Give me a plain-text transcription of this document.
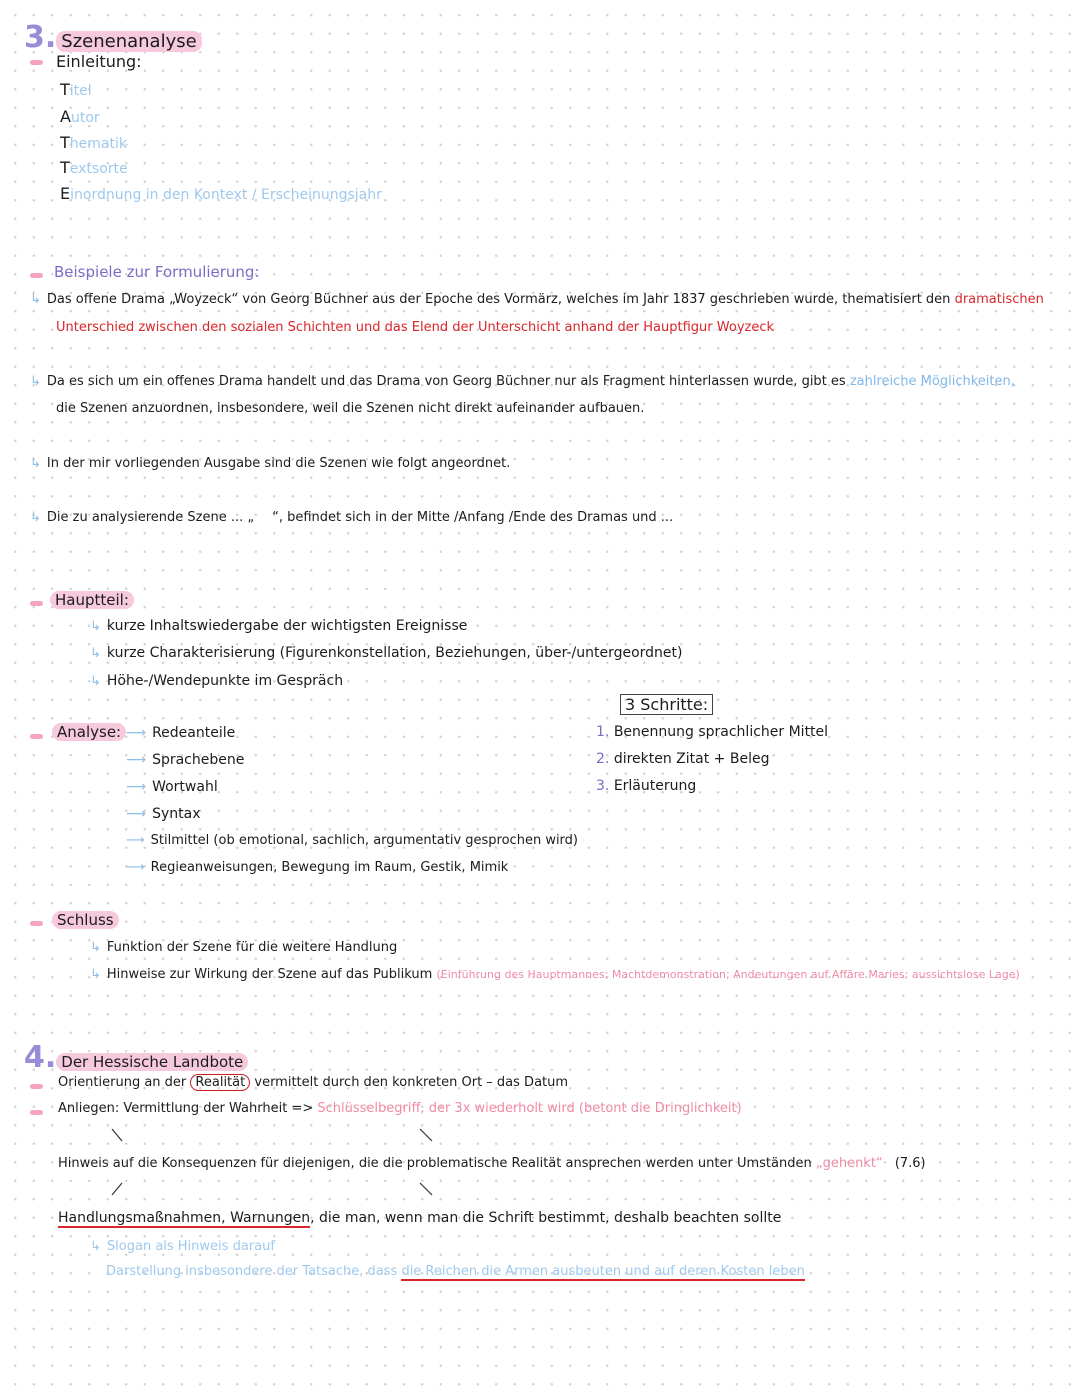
3. Szenenanalyse
Einleitung:
Titel
Autor
Thematik
Textsorte
Einordnung in den Kontext / Erscheinungsjahr
Beispiele zur Formulierung:
↳ Das offene Drama „Woyzeck“ von Georg Büchner aus der Epoche des Vormärz, welches im Jahr 1837 geschrieben wurde, thematisiert den dramatischen
Unterschied zwischen den sozialen Schichten und das Elend der Unterschicht anhand der Hauptfigur Woyzeck
↳ Da es sich um ein offenes Drama handelt und das Drama von Georg Büchner nur als Fragment hinterlassen wurde, gibt es zahlreiche Möglichkeiten,
die Szenen anzuordnen, insbesondere, weil die Szenen nicht direkt aufeinander aufbauen.
↳ In der mir vorliegenden Ausgabe sind die Szenen wie folgt angeordnet.
↳ Die zu analysierende Szene ... „ “, befindet sich in der Mitte /Anfang /Ende des Dramas und ...
Hauptteil:
↳ kurze Inhaltswiedergabe der wichtigsten Ereignisse
↳ kurze Charakterisierung (Figurenkonstellation, Beziehungen, über-/untergeordnet)
↳ Höhe-/Wendepunkte im Gespräch
Analyse: ⟶ Redeanteile
⟶ Sprachebene
⟶ Wortwahl
⟶ Syntax
⟶ Stilmittel (ob emotional, sachlich, argumentativ gesprochen wird)
⟶ Regieanweisungen, Bewegung im Raum, Gestik, Mimik
3 Schritte:
1. Benennung sprachlicher Mittel
2. direkten Zitat + Beleg
3. Erläuterung
Schluss
↳ Funktion der Szene für die weitere Handlung
↳ Hinweise zur Wirkung der Szene auf das Publikum (Einführung des Hauptmannes; Machtdemonstration; Andeutungen auf Affäre Maries; aussichtslose Lage)
4. Der Hessische Landbote
Orientierung an der Realität vermittelt durch den konkreten Ort – das Datum
Anliegen: Vermittlung der Wahrheit => Schlüsselbegriff, der 3x wiederholt wird (betont die Dringlichkeit)
Hinweis auf die Konsequenzen für diejenigen, die die problematische Realität ansprechen werden unter Umständen „gehenkt“ (7.6)
Handlungsmaßnahmen, Warnungen, die man, wenn man die Schrift bestimmt, deshalb beachten sollte
↳ Slogan als Hinweis darauf
Darstellung insbesondere der Tatsache, dass die Reichen die Armen ausbeuten und auf deren Kosten leben
